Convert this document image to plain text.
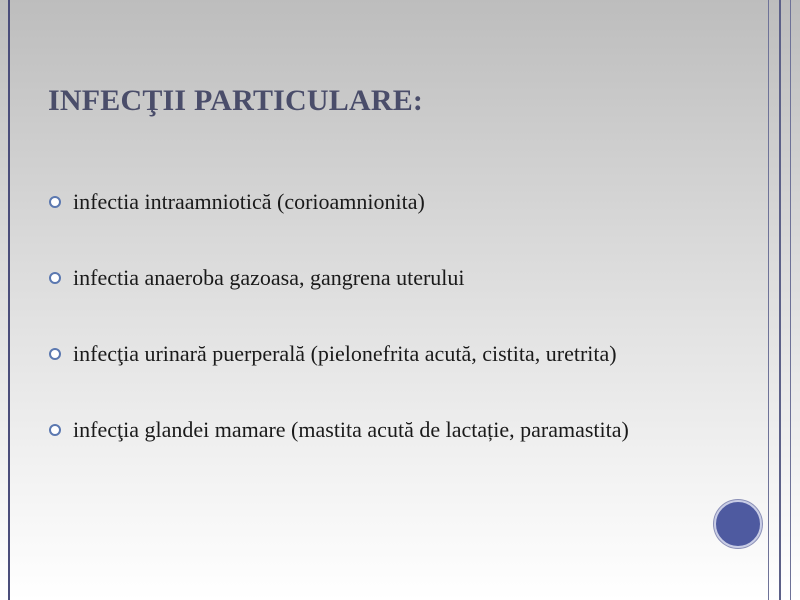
INFECŢII PARTICULARE:
infectia intraamniotică (corioamnionita)
infectia anaeroba gazoasa, gangrena uterului
infecţia urinară puerperală (pielonefrita acută, cistita, uretrita)
infecţia glandei mamare (mastita acută de lactație, paramastita)
